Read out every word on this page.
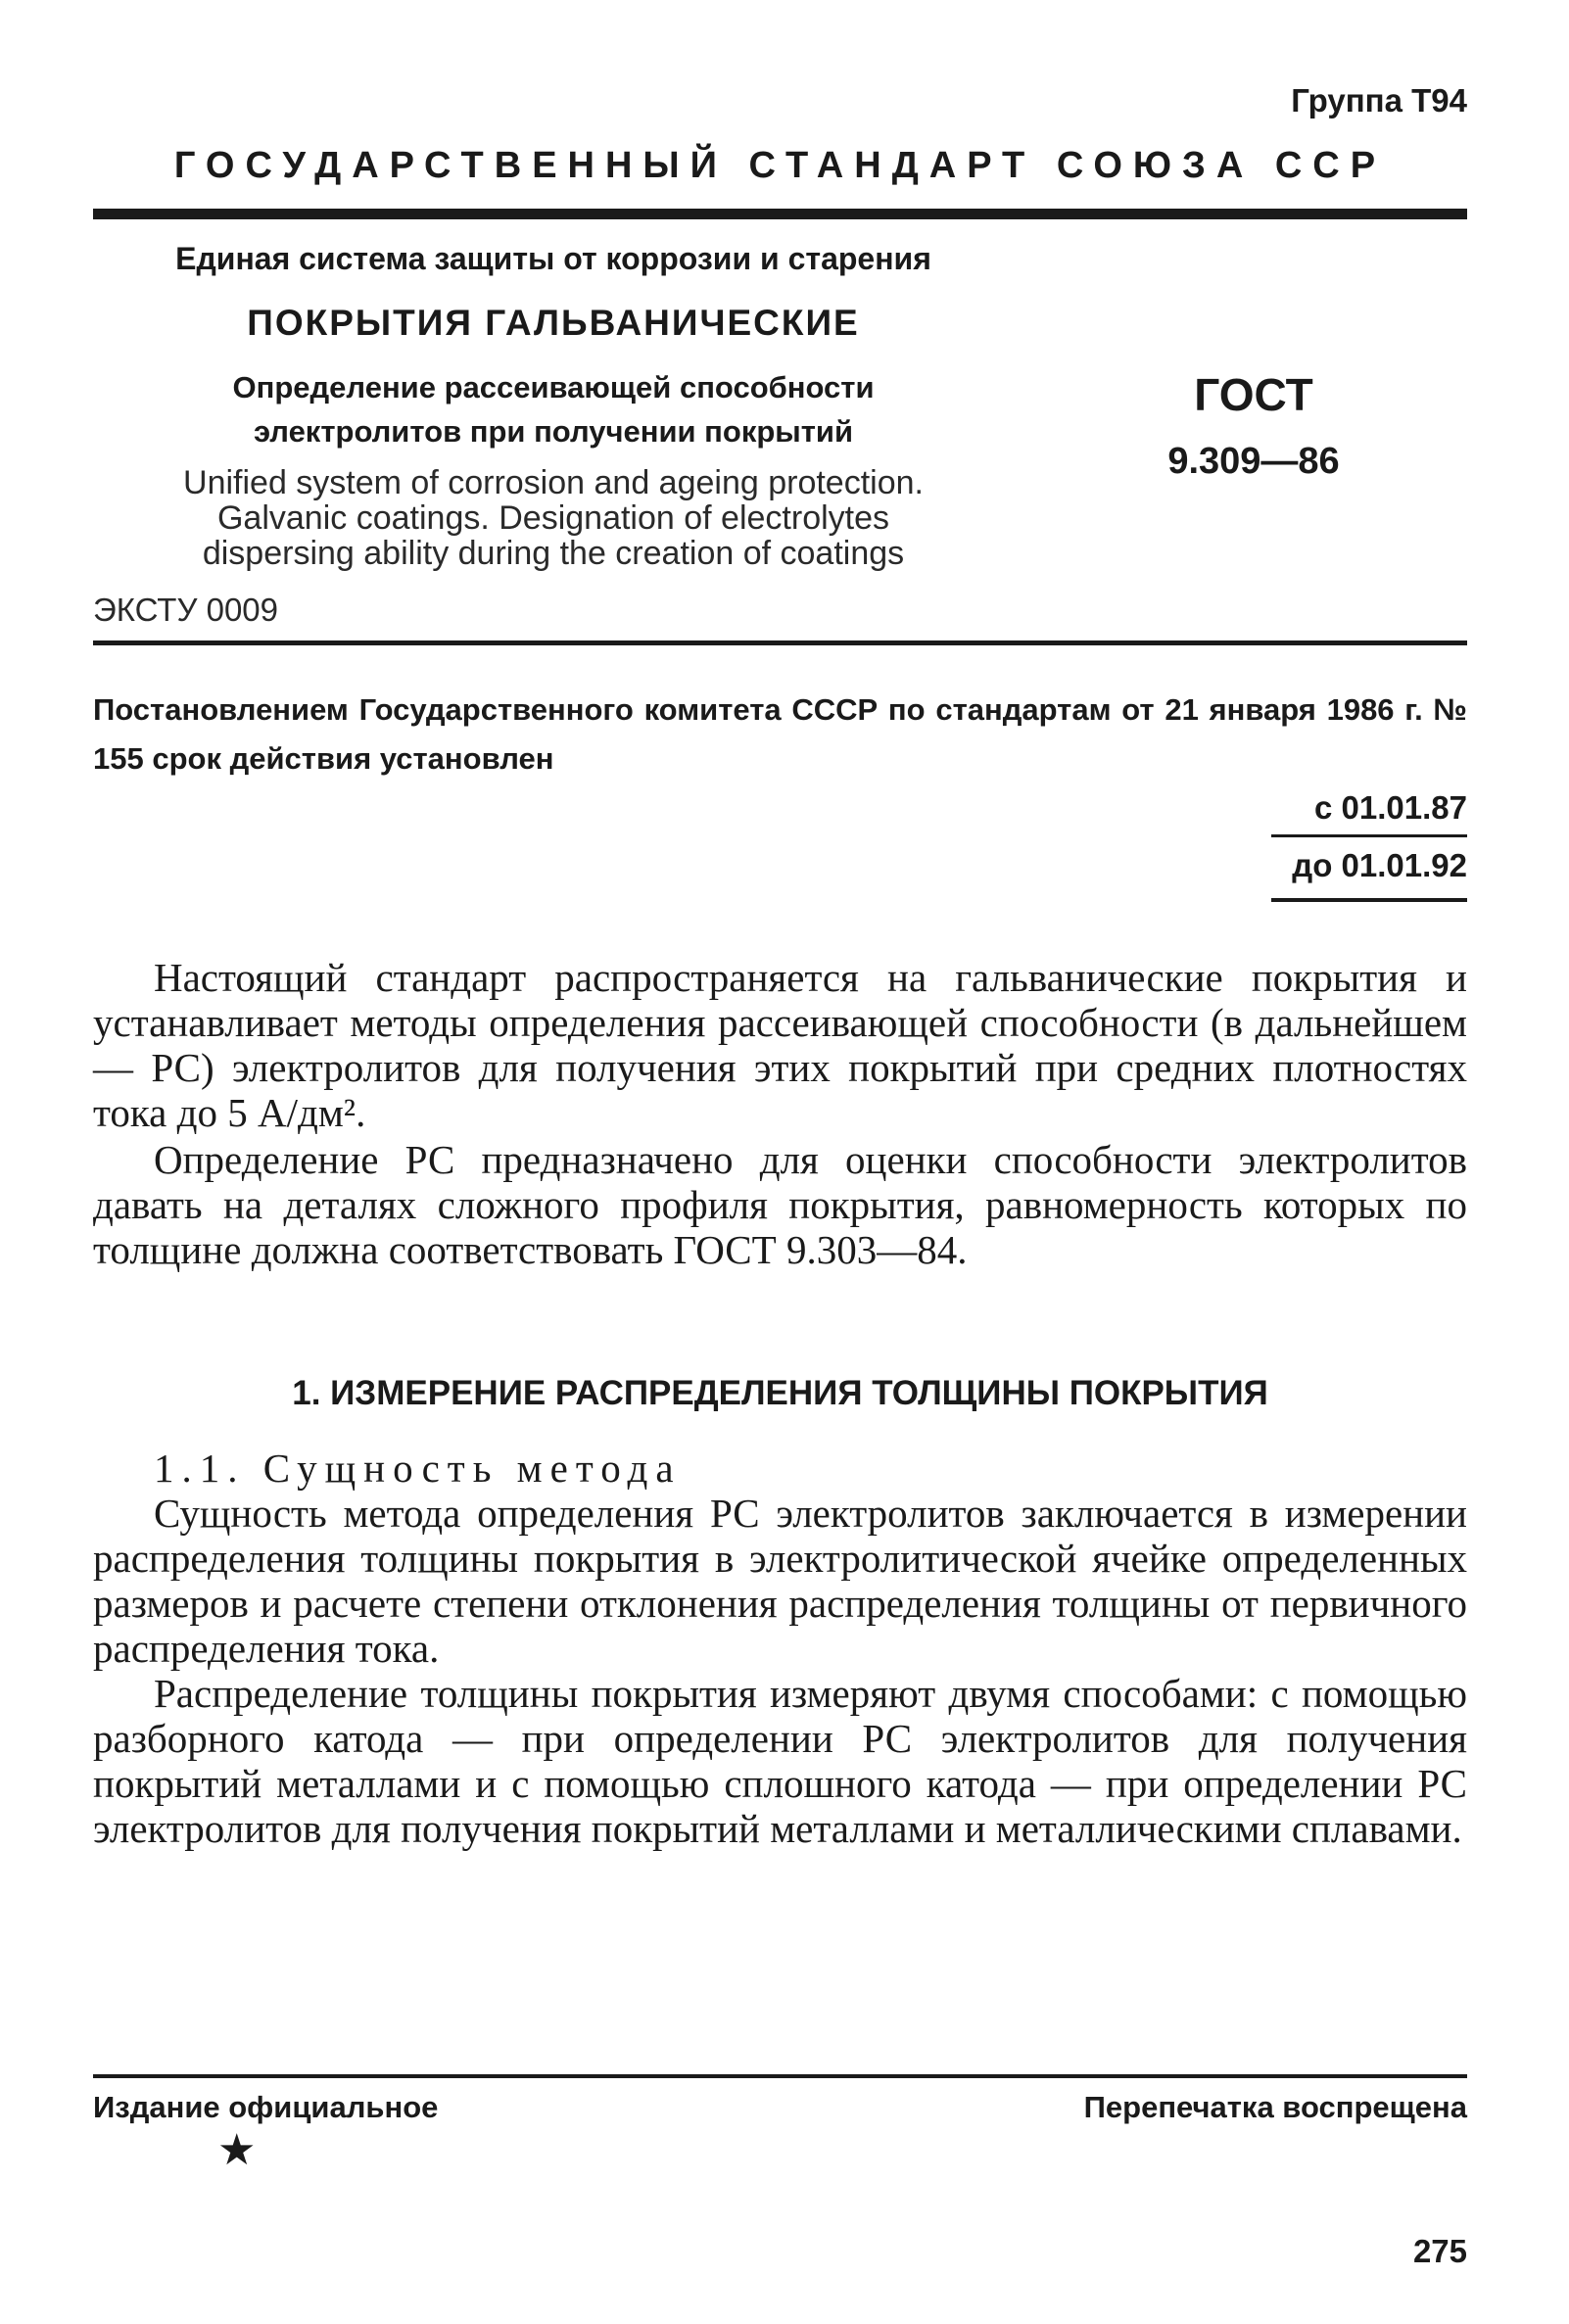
Группа Т94
ГОСУДАРСТВЕННЫЙ СТАНДАРТ СОЮЗА ССР
Единая система защиты от коррозии и старения
ПОКРЫТИЯ ГАЛЬВАНИЧЕСКИЕ
Определение рассеивающей способности
электролитов при получении покрытий
Unified system of corrosion and ageing protection.
Galvanic coatings. Designation of electrolytes
dispersing ability during the creation of coatings
ГОСТ
9.309—86
ЭКСТУ 0009
Постановлением Государственного комитета СССР по стандартам от 21 января 1986 г. № 155 срок действия установлен
с 01.01.87
до 01.01.92

Настоящий стандарт распространяется на гальванические покрытия и устанавливает методы определения рассеивающей способности (в дальнейшем — РС) электролитов для получения этих покрытий при средних плотностях тока до 5 А/дм².

Определение РС предназначено для оценки способности электролитов давать на деталях сложного профиля покрытия, равномерность которых по толщине должна соответствовать ГОСТ 9.303—84.

1. ИЗМЕРЕНИЕ РАСПРЕДЕЛЕНИЯ ТОЛЩИНЫ ПОКРЫТИЯ

1.1. Сущность метода

Сущность метода определения РС электролитов заключается в измерении распределения толщины покрытия в электролитической ячейке определенных размеров и расчете степени отклонения распределения толщины от первичного распределения тока.

Распределение толщины покрытия измеряют двумя способами: с помощью разборного катода — при определении РС электролитов для получения покрытий металлами и с помощью сплошного катода — при определении РС электролитов для получения покрытий металлами и металлическими сплавами.

Издание официальное	Перепечатка воспрещена
★
275
